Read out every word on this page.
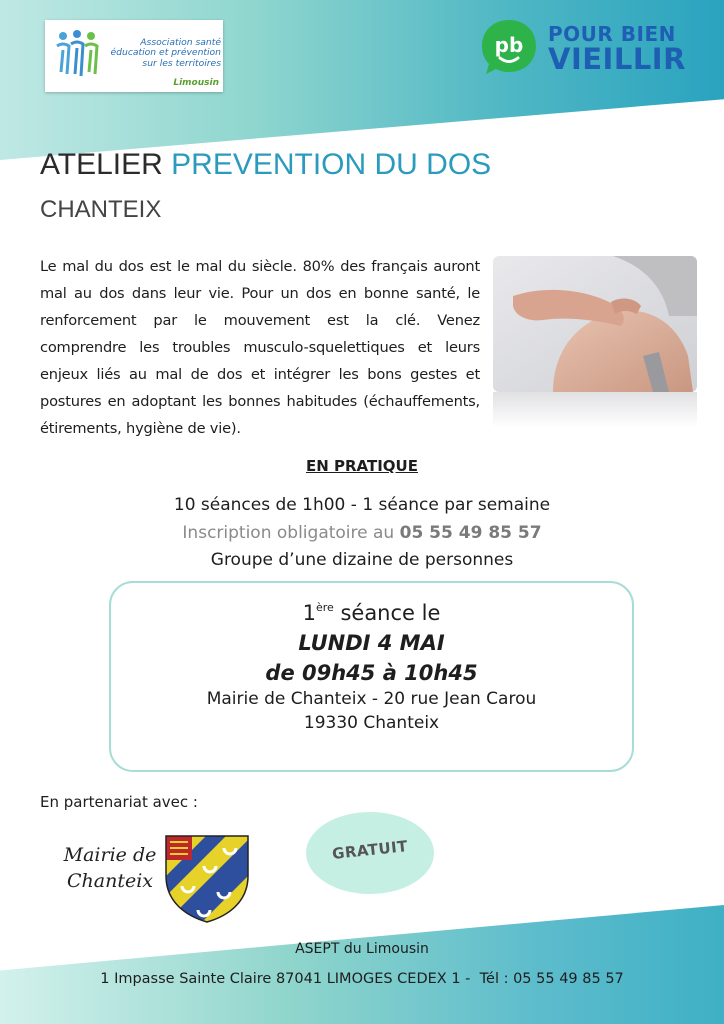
Association santé
éducation et prévention
sur les territoires
Limousin
pb POUR BIEN
VIEILLIR
ATELIER PREVENTION DU DOS
CHANTEIX
Le mal du dos est le mal du siècle. 80% des français auront mal au dos dans leur vie. Pour un dos en bonne santé, le renforcement par le mouvement est la clé. Venez comprendre les troubles musculo-squelettiques et leurs enjeux liés au mal de dos et intégrer les bons gestes et postures en adoptant les bonnes habitudes (échauffements, étirements, hygiène de vie).
EN PRATIQUE
10 séances de 1h00 - 1 séance par semaine
Inscription obligatoire au 05 55 49 85 57
Groupe d’une dizaine de personnes
1ère séance le
LUNDI 4 MAI
de 09h45 à 10h45
Mairie de Chanteix - 20 rue Jean Carou
19330 Chanteix
En partenariat avec :
Mairie de
Chanteix
GRATUIT
ASEPT du Limousin
1 Impasse Sainte Claire 87041 LIMOGES CEDEX 1 -  Tél : 05 55 49 85 57
